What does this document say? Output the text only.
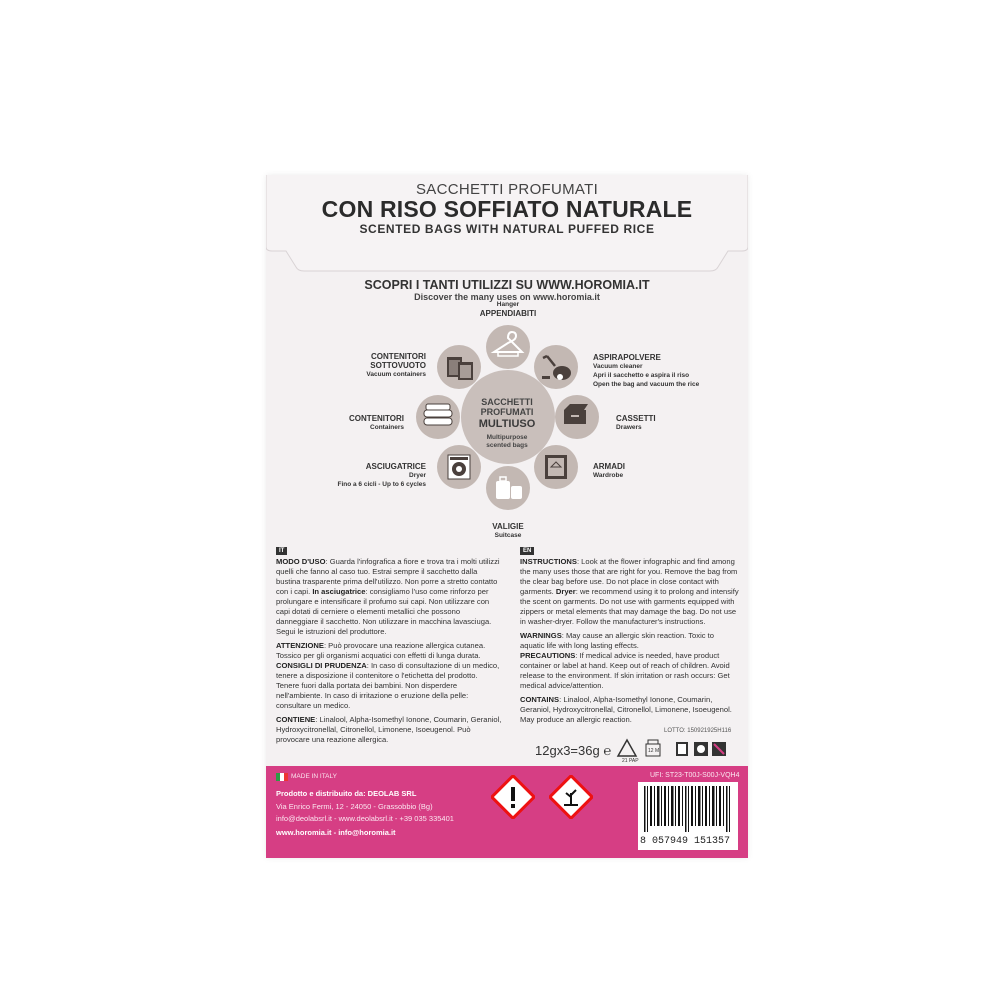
SACCHETTI PROFUMATI
CON RISO SOFFIATO NATURALE
SCENTED BAGS WITH NATURAL PUFFED RICE
SCOPRI I TANTI UTILIZZI SU WWW.HOROMIA.IT
Discover the many uses on www.horomia.it
SACCHETTI
PROFUMATI
MULTIUSO
Multipurpose
scented bags
Hanger
APPENDIABITI
ASPIRAPOLVERE
Vacuum cleaner
Apri il sacchetto e aspira il riso
Open the bag and vacuum the rice
CASSETTI
Drawers
ARMADI
Wardrobe
VALIGIE
Suitcase
ASCIUGATRICE
Dryer
Fino a 6 cicli - Up to 6 cycles
CONTENITORI
Containers
CONTENITORI
SOTTOVUOTO
Vacuum containers
IT

MODO D'USO: Guarda l'infografica a fiore e trova tra i molti utilizzi quelli che fanno al caso tuo. Estrai sempre il sacchetto dalla bustina trasparente prima dell'utilizzo. Non porre a stretto contatto con i capi. In asciugatrice: consigliamo l'uso come rinforzo per prolungare e intensificare il profumo sui capi. Non utilizzare con capi dotati di cerniere o elementi metallici che possono danneggiare il sacchetto. Non utilizzare in macchina lavasciuga. Segui le istruzioni del produttore.

ATTENZIONE: Può provocare una reazione allergica cutanea. Tossico per gli organismi acquatici con effetti di lunga durata.
CONSIGLI DI PRUDENZA: In caso di consultazione di un medico, tenere a disposizione il contenitore o l'etichetta del prodotto. Tenere fuori dalla portata dei bambini. Non disperdere nell'ambiente. In caso di irritazione o eruzione della pelle: consultare un medico.

CONTIENE: Linalool, Alpha-Isomethyl Ionone, Coumarin, Geraniol, Hydroxycitronellal, Citronellol, Limonene, Isoeugenol. Può provocare una reazione allergica.

EN

INSTRUCTIONS: Look at the flower infographic and find among the many uses those that are right for you. Remove the bag from the clear bag before use. Do not place in close contact with garments. Dryer: we recommend using it to prolong and intensify the scent on garments. Do not use with garments equipped with zippers or metal elements that may damage the bag. Do not use in washer-dryer. Follow the manufacturer's instructions.

WARNINGS: May cause an allergic skin reaction. Toxic to aquatic life with long lasting effects.
PRECAUTIONS: If medical advice is needed, have product container or label at hand. Keep out of reach of children. Avoid release to the environment. If skin irritation or rash occurs: Get medical advice/attention.

CONTAINS: Linalool, Alpha-Isomethyl Ionone, Coumarin, Geraniol, Hydroxycitronellal, Citronellol, Limonene, Isoeugenol. May produce an allergic reaction.

LOTTO: 150921925H116
12gx3=36g ℮
21 PAP
12 M
MADE IN ITALY
Prodotto e distribuito da: DEOLAB SRL
Via Enrico Fermi, 12 - 24050 - Grassobbio (Bg)
info@deolabsrl.it - www.deolabsrl.it - +39 035 335401
www.horomia.it - info@horomia.it
UFI: ST23-T00J-S00J-VQH4
8 057949 151357
